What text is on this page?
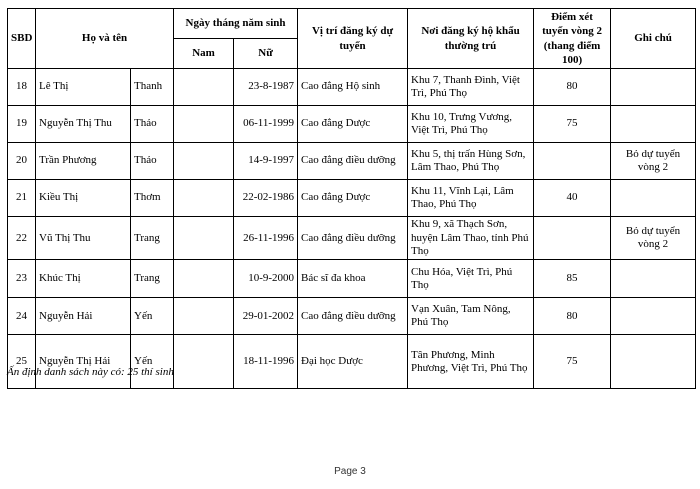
SBD	Họ và tên		Ngày tháng năm sinh		Vị trí đăng ký dự tuyển	Nơi đăng ký hộ khẩu thường trú	Điểm xét tuyển vòng 2 (thang điểm 100)	Ghi chú
			Nam	Nữ				
18	Lê Thị	Thanh		23-8-1987	Cao đẳng Hộ sinh	Khu 7, Thanh Đình, Việt Trì, Phú Thọ	80	
19	Nguyễn Thị Thu	Thảo		06-11-1999	Cao đẳng Dược	Khu 10, Trưng Vương, Việt Trì, Phú Thọ	75	
20	Trần Phương	Thảo		14-9-1997	Cao đẳng điều dưỡng	Khu 5, thị trấn Hùng Sơn, Lâm Thao, Phú Thọ		Bỏ dự tuyển vòng 2
21	Kiều Thị	Thơm		22-02-1986	Cao đẳng Dược	Khu 11, Vĩnh Lại, Lâm Thao, Phú Thọ	40	
22	Vũ Thị Thu	Trang		26-11-1996	Cao đẳng điều dưỡng	Khu 9, xã Thạch Sơn, huyện Lâm Thao, tỉnh Phú Thọ		Bỏ dự tuyển vòng 2
23	Khúc Thị	Trang		10-9-2000	Bác sĩ đa khoa	Chu Hóa, Việt Trì, Phú Thọ	85	
24	Nguyễn Hải	Yến		29-01-2002	Cao đẳng điều dưỡng	Vạn Xuân, Tam Nông, Phú Thọ	80	
25	Nguyễn Thị Hải	Yến		18-11-1996	Đại học Dược	Tân Phương, Minh Phương, Việt Trì, Phú Thọ	75	
Ấn định danh sách này có: 25 thí sinh
Page 3
